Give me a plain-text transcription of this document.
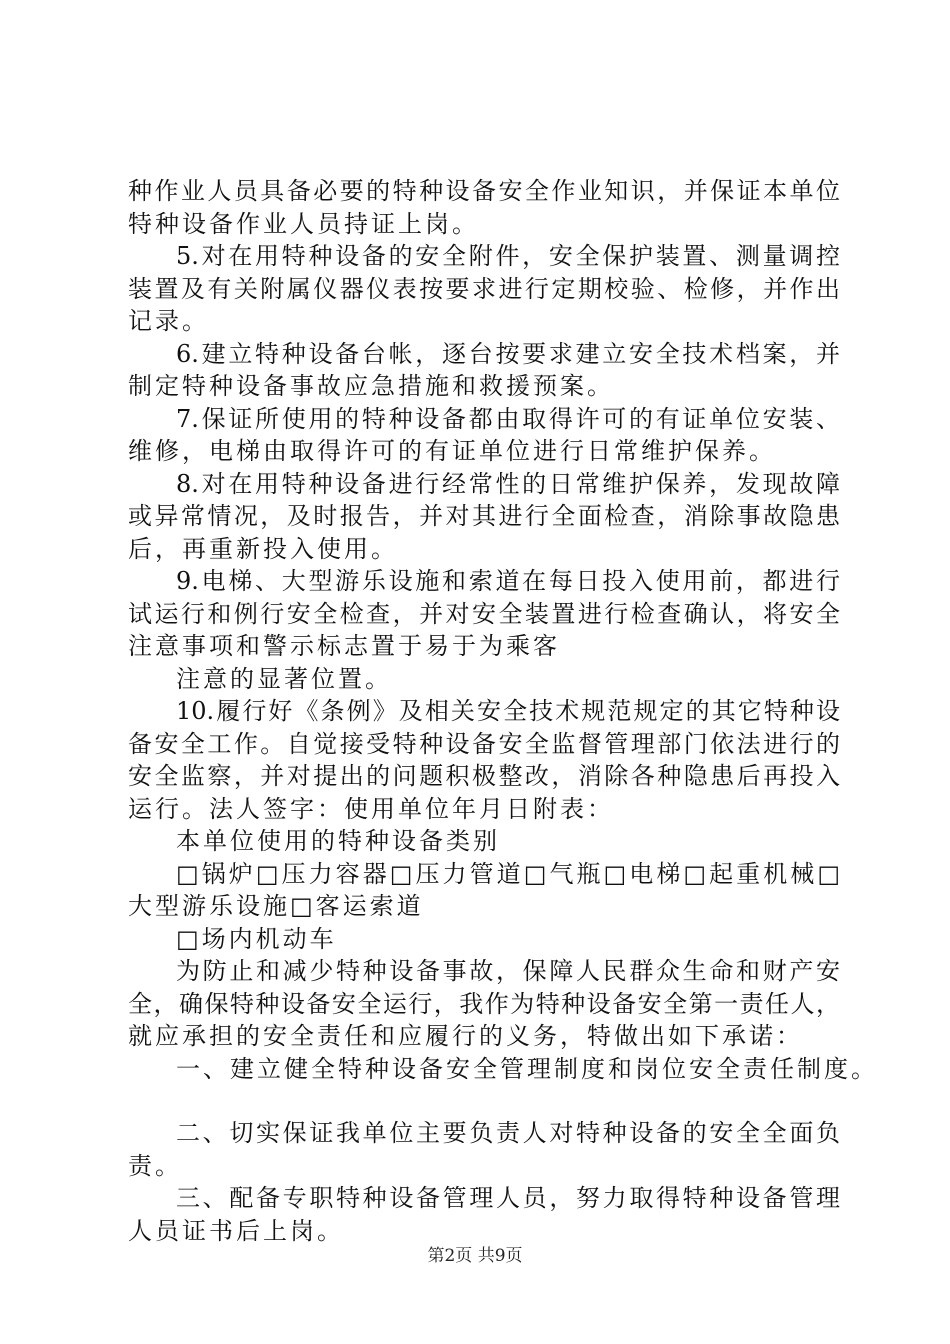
种作业人员具备必要的特种设备安全作业知识，并保证本单位
特种设备作业人员持证上岗。
5.对在用特种设备的安全附件，安全保护装置、测量调控
装置及有关附属仪器仪表按要求进行定期校验、检修，并作出
记录。
6.建立特种设备台帐，逐台按要求建立安全技术档案，并
制定特种设备事故应急措施和救援预案。
7.保证所使用的特种设备都由取得许可的有证单位安装、
维修，电梯由取得许可的有证单位进行日常维护保养。
8.对在用特种设备进行经常性的日常维护保养，发现故障
或异常情况，及时报告，并对其进行全面检查，消除事故隐患
后，再重新投入使用。
9.电梯、大型游乐设施和索道在每日投入使用前，都进行
试运行和例行安全检查，并对安全装置进行检查确认，将安全
注意事项和警示标志置于易于为乘客
注意的显著位置。
10.履行好《条例》及相关安全技术规范规定的其它特种设
备安全工作。自觉接受特种设备安全监督管理部门依法进行的
安全监察，并对提出的问题积极整改，消除各种隐患后再投入
运行。法人签字：使用单位年月日附表：
本单位使用的特种设备类别
□锅炉□压力容器□压力管道□气瓶□电梯□起重机械□
大型游乐设施□客运索道
□场内机动车
为防止和减少特种设备事故，保障人民群众生命和财产安
全，确保特种设备安全运行，我作为特种设备安全第一责任人，
就应承担的安全责任和应履行的义务，特做出如下承诺：
一、建立健全特种设备安全管理制度和岗位安全责任制度。
二、切实保证我单位主要负责人对特种设备的安全全面负
责。
三、配备专职特种设备管理人员，努力取得特种设备管理
人员证书后上岗。
第2页 共9页
